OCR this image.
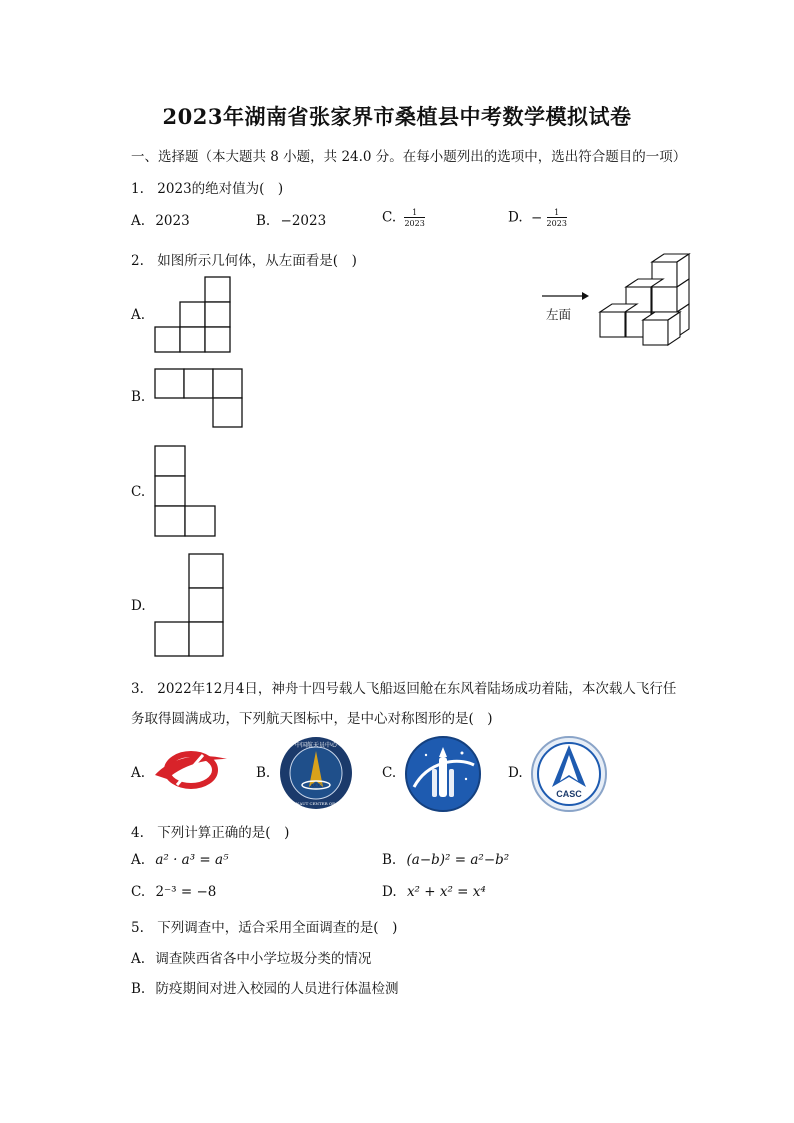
2023年湖南省张家界市桑植县中考数学模拟试卷
一、选择题（本大题共 8 小题，共 24.0 分。在每小题列出的选项中，选出符合题目的一项）
1. 2023的绝对值为(　)
A. 2023	B. −2023	C. $\frac{1}{2023}$	D. − $\frac{1}{2023}$
2. 如图所示几何体，从左面看是(　)
左面
A.
B.
C.
D.
3. 2022年12月4日，神舟十四号载人飞船返回舱在东风着陆场成功着陆，本次载人飞行任
务取得圆满成功，下列航天图标中，是中心对称图形的是(　)
A.	B.
中国航天员中心
ASTRONAUT CENTER OF CHINA
ACC
C.	D.
CASC
4. 下列计算正确的是(　)
A. a² · a³ = a⁵	B. (a−b)² = a²−b²
C. 2⁻³ = −8	D. x² + x² = x⁴
5. 下列调查中，适合采用全面调查的是(　)
A. 调查陕西省各中小学垃圾分类的情况
B. 防疫期间对进入校园的人员进行体温检测
